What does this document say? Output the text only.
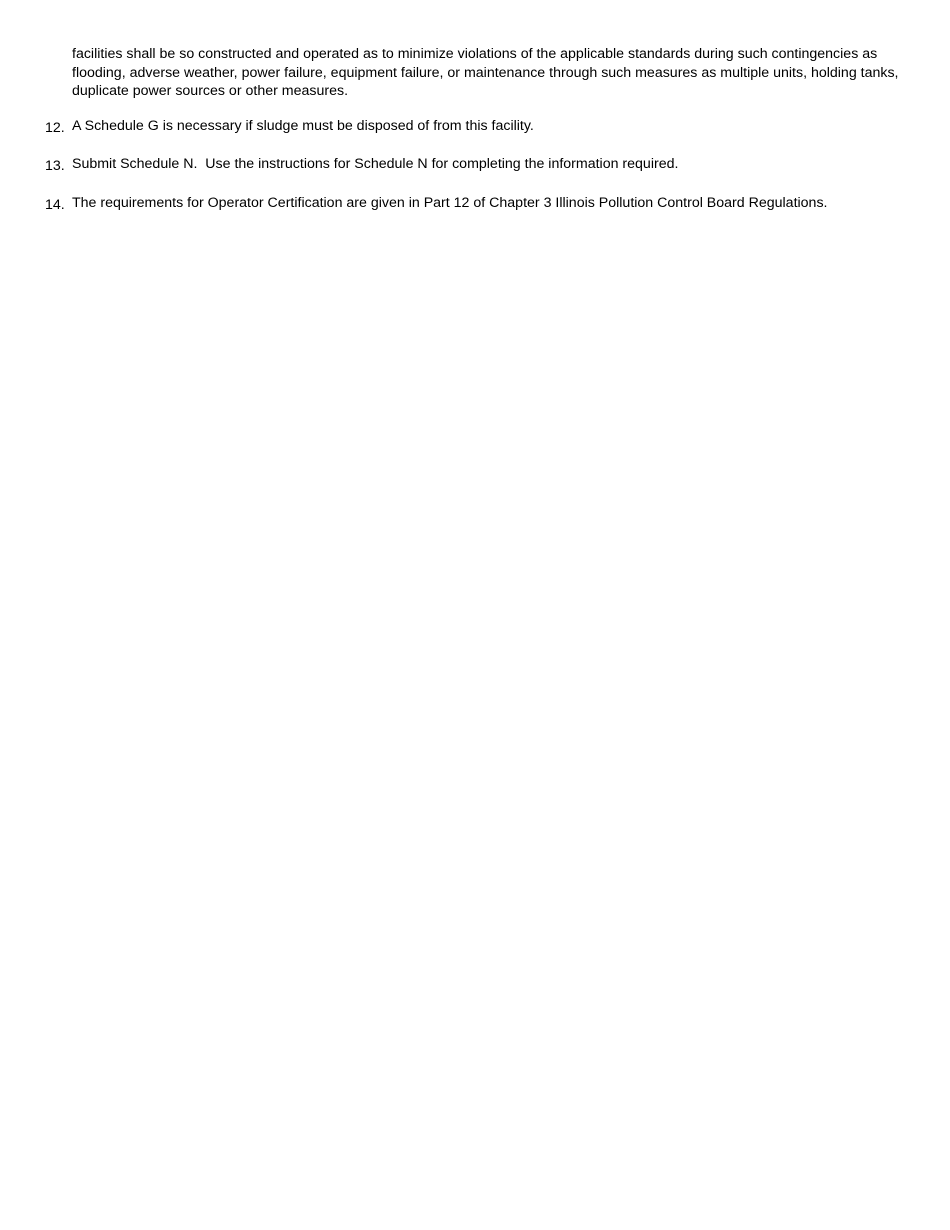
facilities shall be so constructed and operated as to minimize violations of the applicable standards during such contingencies as flooding, adverse weather, power failure, equipment failure, or maintenance through such measures as multiple units, holding tanks, duplicate power sources or other measures.
12. A Schedule G is necessary if sludge must be disposed of from this facility.
13. Submit Schedule N.  Use the instructions for Schedule N for completing the information required.
14. The requirements for Operator Certification are given in Part 12 of Chapter 3 Illinois Pollution Control Board Regulations.
